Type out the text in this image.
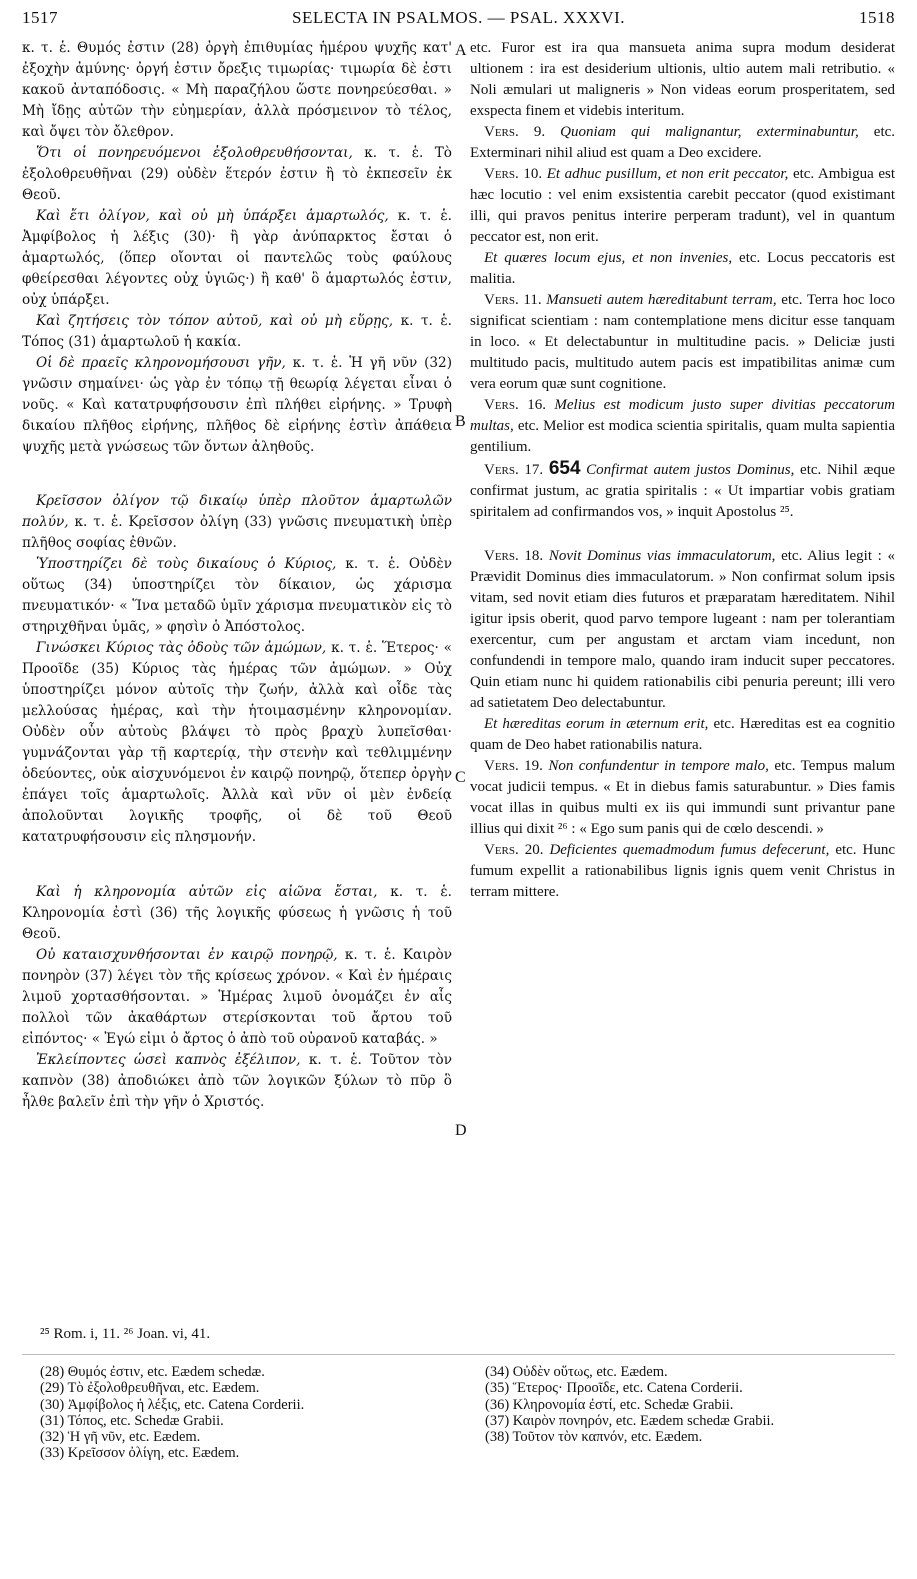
1517	SELECTA IN PSALMOS. — PSAL. XXXVI.	1518
A
B
C
D

κ. τ. ἑ. Θυμός ἐστιν (28) ὀργὴ ἐπιθυμίας ἡμέρου ψυχῆς κατ' ἐξοχὴν ἀμύνης· ὀργή ἐστιν ὄρεξις τιμωρίας· τιμωρία δὲ ἐστι κακοῦ ἀνταπόδοσις. « Μὴ παραζήλου ὥστε πονηρεύεσθαι. » Μὴ ἴδῃς αὐτῶν τὴν εὐημερίαν, ἀλλὰ πρόσμεινον τὸ τέλος, καὶ ὄψει τὸν ὄλεθρον.

Ὅτι οἱ πονηρευόμενοι ἐξολοθρευθήσονται, κ. τ. ἑ. Τὸ ἐξολοθρευθῆναι (29) οὐδὲν ἕτερόν ἐστιν ἢ τὸ ἐκπεσεῖν ἐκ Θεοῦ.

Καὶ ἔτι ὀλίγον, καὶ οὐ μὴ ὑπάρξει ἁμαρτωλός, κ. τ. ἑ. Ἀμφίβολος ἡ λέξις (30)· ἢ γὰρ ἀνύπαρκτος ἔσται ὁ ἁμαρτωλός, (ὅπερ οἴονται οἱ παντελῶς τοὺς φαύλους φθείρεσθαι λέγοντες οὐχ ὑγιῶς·) ἢ καθ' ὃ ἁμαρτωλός ἐστιν, οὐχ ὑπάρξει.

Καὶ ζητήσεις τὸν τόπον αὐτοῦ, καὶ οὐ μὴ εὕρῃς, κ. τ. ἑ. Τόπος (31) ἁμαρτωλοῦ ἡ κακία.

Οἱ δὲ πραεῖς κληρονομήσουσι γῆν, κ. τ. ἑ. Ἡ γῆ νῦν (32) γνῶσιν σημαίνει· ὡς γὰρ ἐν τόπῳ τῇ θεωρίᾳ λέγεται εἶναι ὁ νοῦς. « Καὶ κατατρυφήσουσιν ἐπὶ πλήθει εἰρήνης. » Τρυφὴ δικαίου πλῆθος εἰρήνης, πλῆθος δὲ εἰρήνης ἐστὶν ἀπάθεια ψυχῆς μετὰ γνώσεως τῶν ὄντων ἀληθοῦς.

Κρεῖσσον ὀλίγον τῷ δικαίῳ ὑπὲρ πλοῦτον ἁμαρτωλῶν πολύν, κ. τ. ἑ. Κρεῖσσον ὀλίγη (33) γνῶσις πνευματικὴ ὑπὲρ πλῆθος σοφίας ἐθνῶν.

Ὑποστηρίζει δὲ τοὺς δικαίους ὁ Κύριος, κ. τ. ἑ. Οὐδὲν οὕτως (34) ὑποστηρίζει τὸν δίκαιον, ὡς χάρισμα πνευματικόν· « Ἵνα μεταδῶ ὑμῖν χάρισμα πνευματικὸν εἰς τὸ στηριχθῆναι ὑμᾶς, » φησὶν ὁ Ἀπόστολος.

Γινώσκει Κύριος τὰς ὁδοὺς τῶν ἀμώμων, κ. τ. ἑ. Ἕτερος· « Προοῖδε (35) Κύριος τὰς ἡμέρας τῶν ἀμώμων. » Οὐχ ὑποστηρίζει μόνον αὐτοῖς τὴν ζωήν, ἀλλὰ καὶ οἶδε τὰς μελλούσας ἡμέρας, καὶ τὴν ἡτοιμασμένην κληρονομίαν. Οὐδὲν οὖν αὐτοὺς βλάψει τὸ πρὸς βραχὺ λυπεῖσθαι· γυμνάζονται γὰρ τῇ καρτερίᾳ, τὴν στενὴν καὶ τεθλιμμένην ὁδεύοντες, οὐκ αἰσχυνόμενοι ἐν καιρῷ πονηρῷ, ὅτεπερ ὀργὴν ἐπάγει τοῖς ἁμαρτωλοῖς. Ἀλλὰ καὶ νῦν οἱ μὲν ἐνδείᾳ ἀπολοῦνται λογικῆς τροφῆς, οἱ δὲ τοῦ Θεοῦ κατατρυφήσουσιν εἰς πλησμονήν.

Καὶ ἡ κληρονομία αὐτῶν εἰς αἰῶνα ἔσται, κ. τ. ἑ. Κληρονομία ἐστὶ (36) τῆς λογικῆς φύσεως ἡ γνῶσις ἡ τοῦ Θεοῦ.

Οὐ καταισχυνθήσονται ἐν καιρῷ πονηρῷ, κ. τ. ἑ. Καιρὸν πονηρὸν (37) λέγει τὸν τῆς κρίσεως χρόνον. « Καὶ ἐν ἡμέραις λιμοῦ χορτασθήσονται. » Ἡμέρας λιμοῦ ὀνομάζει ἐν αἷς πολλοὶ τῶν ἀκαθάρτων στερίσκονται τοῦ ἄρτου τοῦ εἰπόντος· « Ἐγώ εἰμι ὁ ἄρτος ὁ ἀπὸ τοῦ οὐρανοῦ καταβάς. »

Ἐκλείποντες ὡσεὶ καπνὸς ἐξέλιπον, κ. τ. ἑ. Τοῦτον τὸν καπνὸν (38) ἀποδιώκει ἀπὸ τῶν λογικῶν ξύλων τὸ πῦρ ὃ ἦλθε βαλεῖν ἐπὶ τὴν γῆν ὁ Χριστός.

etc. Furor est ira qua mansueta anima supra modum desiderat ultionem : ira est desiderium ultionis, ultio autem mali retributio. « Noli æmulari ut maligneris » Non videas eorum prosperitatem, sed exspecta finem et videbis interitum.

Vers. 9. Quoniam qui malignantur, exterminabuntur, etc. Exterminari nihil aliud est quam a Deo excidere.

Vers. 10. Et adhuc pusillum, et non erit peccator, etc. Ambigua est hæc locutio : vel enim exsistentia carebit peccator (quod existimant illi, qui pravos penitus interire perperam tradunt), vel in quantum peccator est, non erit.

Et quæres locum ejus, et non invenies, etc. Locus peccatoris est malitia.

Vers. 11. Mansueti autem hæreditabunt terram, etc. Terra hoc loco significat scientiam : nam contemplatione mens dicitur esse tanquam in loco. « Et delectabuntur in multitudine pacis. » Deliciæ justi multitudo pacis, multitudo autem pacis est impatibilitas animæ cum vera eorum quæ sunt cognitione.

Vers. 16. Melius est modicum justo super divitias peccatorum multas, etc. Melior est modica scientia spiritalis, quam multa sapientia gentilium.

Vers. 17. 654 Confirmat autem justos Dominus, etc. Nihil æque confirmat justum, ac gratia spiritalis : « Ut impartiar vobis gratiam spiritalem ad confirmandos vos, » inquit Apostolus ²⁵.

Vers. 18. Novit Dominus vias immaculatorum, etc. Alius legit : « Prævidit Dominus dies immaculatorum. » Non confirmat solum ipsis vitam, sed novit etiam dies futuros et præparatam hæreditatem. Nihil igitur ipsis oberit, quod parvo tempore lugeant : nam per tolerantiam exercentur, cum per angustam et arctam viam incedunt, non confundendi in tempore malo, quando iram inducit super peccatores. Quin etiam nunc hi quidem rationabilis cibi penuria pereunt; illi vero ad satietatem Deo delectabuntur.

Et hæreditas eorum in æternum erit, etc. Hæreditas est ea cognitio quam de Deo habet rationabilis natura.

Vers. 19. Non confundentur in tempore malo, etc. Tempus malum vocat judicii tempus. « Et in diebus famis saturabuntur. » Dies famis vocat illas in quibus multi ex iis qui immundi sunt privantur pane illius qui dixit ²⁶ : « Ego sum panis qui de cœlo descendi. »

Vers. 20. Deficientes quemadmodum fumus defecerunt, etc. Hunc fumum expellit a rationabilibus lignis ignis quem venit Christus in terram mittere.

²⁵ Rom. i, 11. ²⁶ Joan. vi, 41.
(28) Θυμός ἐστιν, etc. Eædem schedæ.
(29) Τὸ ἐξολοθρευθῆναι, etc. Eædem.
(30) Ἀμφίβολος ἡ λέξις, etc. Catena Corderii.
(31) Τόπος, etc. Schedæ Grabii.
(32) Ἡ γῆ νῦν, etc. Eædem.
(33) Κρεῖσσον ὀλίγη, etc. Eædem.
(34) Οὐδὲν οὕτως, etc. Eædem.
(35) Ἕτερος· Προοῖδε, etc. Catena Corderii.
(36) Κληρονομία ἐστί, etc. Schedæ Grabii.
(37) Καιρὸν πονηρόν, etc. Eædem schedæ Grabii.
(38) Τοῦτον τὸν καπνόν, etc. Eædem.
